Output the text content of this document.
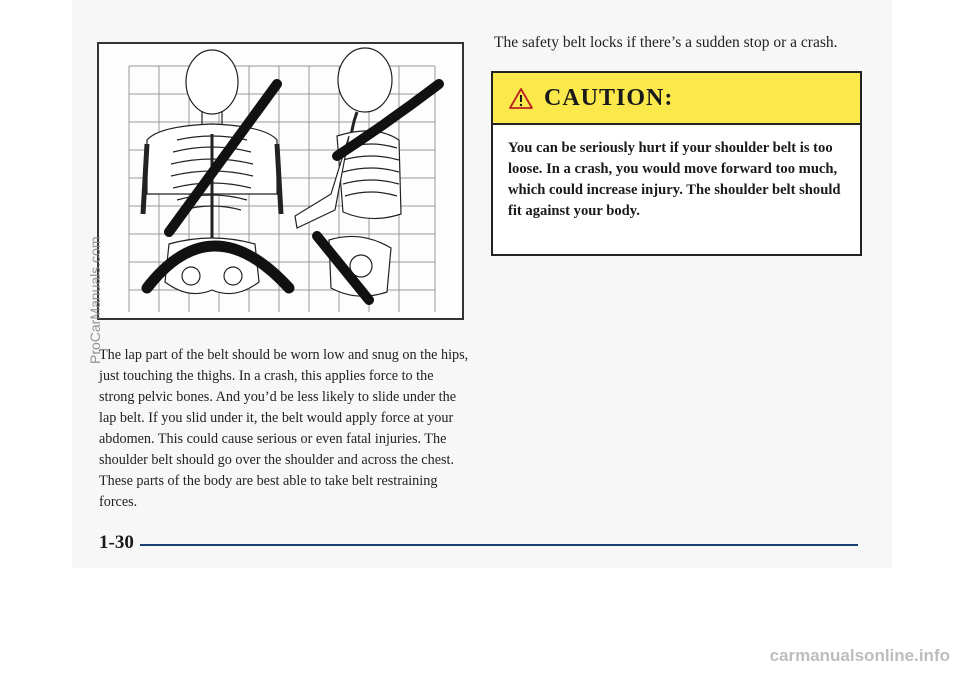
The safety belt locks if there’s a sudden stop or a crash.

The lap part of the belt should be worn low and snug on the hips, just touching the thighs. In a crash, this applies force to the strong pelvic bones. And you’d be less likely to slide under the lap belt. If you slid under it, the belt would apply force at your abdomen. This could cause serious or even fatal injuries. The shoulder belt should go over the shoulder and across the chest. These parts of the body are best able to take belt restraining forces.

CAUTION:

You can be seriously hurt if your shoulder belt is too loose. In a crash, you would move forward too much, which could increase injury. The shoulder belt should fit against your body.

1-30
ProCarManuals.com
carmanualsonline.info
